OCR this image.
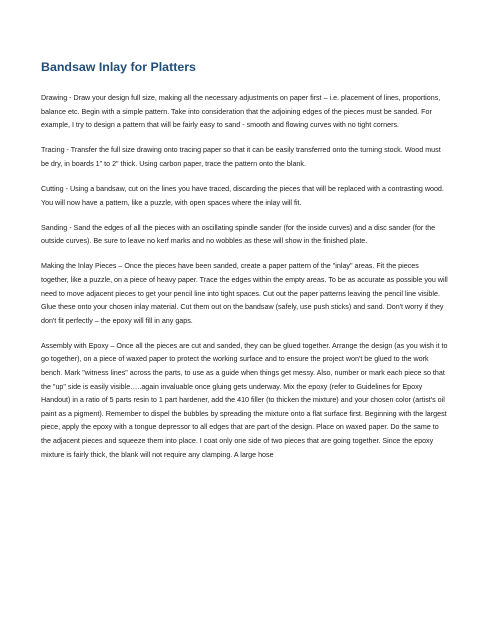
Bandsaw Inlay for Platters

Drawing - Draw your design full size, making all the necessary adjustments on paper first – i.e. placement of lines, proportions, balance etc. Begin with a simple pattern. Take into consideration that the adjoining edges of the pieces must be sanded. For example, I try to design a pattern that will be fairly easy to sand - smooth and flowing curves with no tight corners.

Tracing - Transfer the full size drawing onto tracing paper so that it can be easily transferred onto the turning stock. Wood must be dry, in boards 1" to 2" thick. Using carbon paper, trace the pattern onto the blank.

Cutting - Using a bandsaw, cut on the lines you have traced, discarding the pieces that will be replaced with a contrasting wood. You will now have a pattern, like a puzzle, with open spaces where the inlay will fit.

Sanding - Sand the edges of all the pieces with an oscillating spindle sander (for the inside curves) and a disc sander (for the outside curves). Be sure to leave no kerf marks and no wobbles as these will show in the finished plate.

Making the Inlay Pieces – Once the pieces have been sanded, create a paper pattern of the "inlay" areas. Fit the pieces together, like a puzzle, on a piece of heavy paper. Trace the edges within the empty areas. To be as accurate as possible you will need to move adjacent pieces to get your pencil line into tight spaces. Cut out the paper patterns leaving the pencil line visible. Glue these onto your chosen inlay material. Cut them out on the bandsaw (safely, use push sticks) and sand. Don't worry if they don't fit perfectly – the epoxy will fill in any gaps.

Assembly with Epoxy – Once all the pieces are cut and sanded, they can be glued together. Arrange the design (as you wish it to go together), on a piece of waxed paper to protect the working surface and to ensure the project won't be glued to the work bench. Mark "witness lines" across the parts, to use as a guide when things get messy. Also, number or mark each piece so that the "up" side is easily visible…..again invaluable once gluing gets underway. Mix the epoxy (refer to Guidelines for Epoxy Handout) in a ratio of 5 parts resin to 1 part hardener, add the 410 filler (to thicken the mixture) and your chosen color (artist's oil paint as a pigment). Remember to dispel the bubbles by spreading the mixture onto a flat surface first. Beginning with the largest piece, apply the epoxy with a tongue depressor to all edges that are part of the design. Place on waxed paper. Do the same to the adjacent pieces and squeeze them into place. I coat only one side of two pieces that are going together. Since the epoxy mixture is fairly thick, the blank will not require any clamping. A large hose
